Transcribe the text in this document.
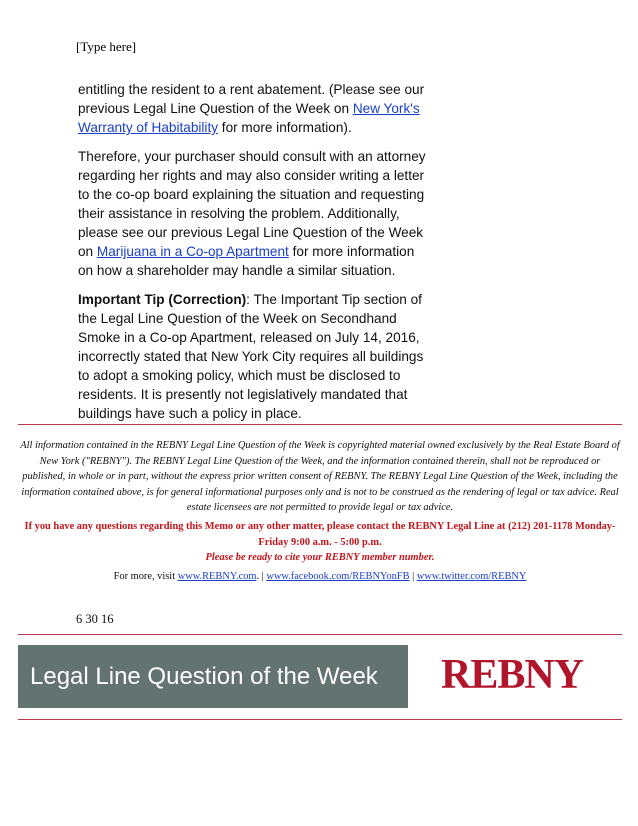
[Type here]

entitling the resident to a rent abatement. (Please see our previous Legal Line Question of the Week on New York's Warranty of Habitability for more information).

Therefore, your purchaser should consult with an attorney regarding her rights and may also consider writing a letter to the co-op board explaining the situation and requesting their assistance in resolving the problem. Additionally, please see our previous Legal Line Question of the Week on Marijuana in a Co-op Apartment for more information on how a shareholder may handle a similar situation.

Important Tip (Correction): The Important Tip section of the Legal Line Question of the Week on Secondhand Smoke in a Co-op Apartment, released on July 14, 2016, incorrectly stated that New York City requires all buildings to adopt a smoking policy, which must be disclosed to residents. It is presently not legislatively mandated that buildings have such a policy in place.

All information contained in the REBNY Legal Line Question of the Week is copyrighted material owned exclusively by the Real Estate Board of New York ("REBNY"). The REBNY Legal Line Question of the Week, and the information contained therein, shall not be reproduced or published, in whole or in part, without the express prior written consent of REBNY. The REBNY Legal Line Question of the Week, including the information contained above, is for general informational purposes only and is not to be construed as the rendering of legal or tax advice. Real estate licensees are not permitted to provide legal or tax advice.
If you have any questions regarding this Memo or any other matter, please contact the REBNY Legal Line at (212) 201-1178 Monday-Friday 9:00 a.m. - 5:00 p.m.
Please be ready to cite your REBNY member number.
For more, visit www.REBNY.com. | www.facebook.com/REBNYonFB | www.twitter.com/REBNY
6 30 16
Legal Line Question of the Week REBNY
